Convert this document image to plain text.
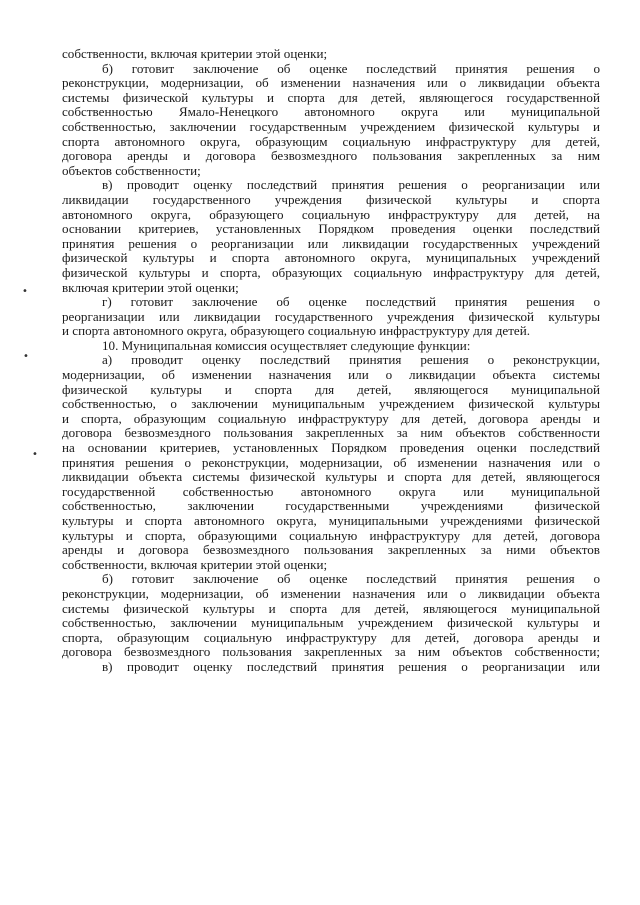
собственности, включая критерии этой оценки;
б) готовит заключение об оценке последствий принятия решения о
реконструкции, модернизации, об изменении назначения или о ликвидации объекта
системы физической культуры и спорта для детей, являющегося государственной
собственностью Ямало-Ненецкого автономного округа или муниципальной
собственностью, заключении государственным учреждением физической культуры и
спорта автономного округа, образующим социальную инфраструктуру для детей,
договора аренды и договора безвозмездного пользования закрепленных за ним
объектов собственности;
в) проводит оценку последствий принятия решения о реорганизации или
ликвидации государственного учреждения физической культуры и спорта
автономного округа, образующего социальную инфраструктуру для детей, на
основании критериев, установленных Порядком проведения оценки последствий
принятия решения о реорганизации или ликвидации государственных учреждений
физической культуры и спорта автономного округа, муниципальных учреждений
физической культуры и спорта, образующих социальную инфраструктуру для детей,
включая критерии этой оценки;
г) готовит заключение об оценке последствий принятия решения о
реорганизации или ликвидации государственного учреждения физической культуры
и спорта автономного округа, образующего социальную инфраструктуру для детей.
10. Муниципальная комиссия осуществляет следующие функции:
а) проводит оценку последствий принятия решения о реконструкции,
модернизации, об изменении назначения или о ликвидации объекта системы
физической культуры и спорта для детей, являющегося муниципальной
собственностью, о заключении муниципальным учреждением физической культуры
и спорта, образующим социальную инфраструктуру для детей, договора аренды и
договора безвозмездного пользования закрепленных за ним объектов собственности
на основании критериев, установленных Порядком проведения оценки последствий
принятия решения о реконструкции, модернизации, об изменении назначения или о
ликвидации объекта системы физической культуры и спорта для детей, являющегося
государственной собственностью автономного округа или муниципальной
собственностью, заключении государственными учреждениями физической
культуры и спорта автономного округа, муниципальными учреждениями физической
культуры и спорта, образующими социальную инфраструктуру для детей, договора
аренды и договора безвозмездного пользования закрепленных за ними объектов
собственности, включая критерии этой оценки;
б) готовит заключение об оценке последствий принятия решения о
реконструкции, модернизации, об изменении назначения или о ликвидации объекта
системы физической культуры и спорта для детей, являющегося муниципальной
собственностью, заключении муниципальным учреждением физической культуры и
спорта, образующим социальную инфраструктуру для детей, договора аренды и
договора безвозмездного пользования закрепленных за ним объектов собственности;
в) проводит оценку последствий принятия решения о реорганизации или
•
•
•
